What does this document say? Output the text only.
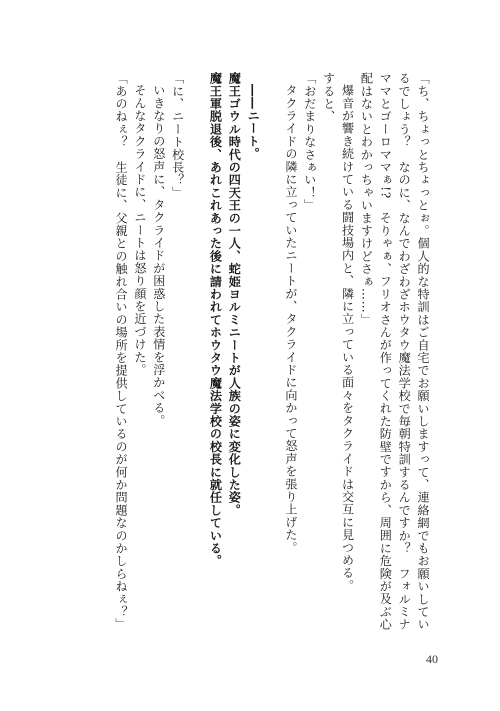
「ち、ちょっとちょっとぉ。個人的な特訓はご自宅でお願いしますって、連絡網でもお願いしてい
るでしょう？　なのに、なんでわざわざホウタウ魔法学校で毎朝特訓するんですか？　フォルミナ
ママとゴーロママぁ!?　そりゃぁ、フリオさんが作ってくれた防壁ですから、周囲に危険が及ぶ心
配はないとわかっちゃいますけどさぁ……」
爆音が響き続けている闘技場内と、隣に立っている面々をタクライドは交互に見つめる。
すると、
「おだまりなさぁい！」
タクライドの隣に立っていたニートが、タクライドに向かって怒声を張り上げた。

――ニート。
魔王ゴウル時代の四天王の一人、蛇姫ヨルミニートが人族の姿に変化した姿。
魔王軍脱退後、あれこれあった後に請われてホウタウ魔法学校の校長に就任している。

「に、ニート校長？」
いきなりの怒声に、タクライドが困惑した表情を浮かべる。
そんなタクライドに、ニートは怒り顔を近づけた。
「あのねぇ？　生徒に、父親との触れ合いの場所を提供しているのが何か問題なのかしらねぇ？」
40
